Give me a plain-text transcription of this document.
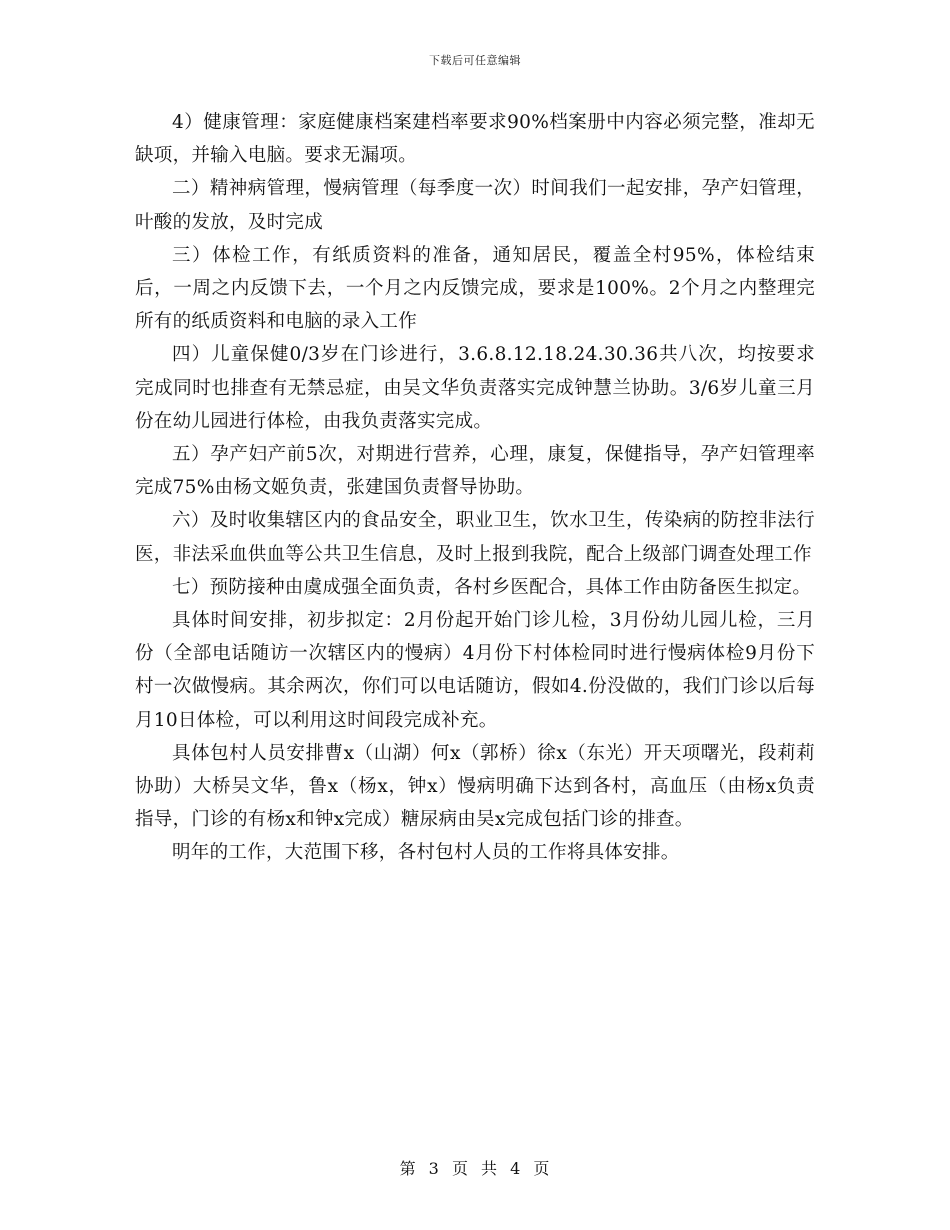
下载后可任意编辑

4）健康管理：家庭健康档案建档率要求90%档案册中内容必须完整，准却无缺项，并输入电脑。要求无漏项。

二）精神病管理，慢病管理（每季度一次）时间我们一起安排，孕产妇管理，叶酸的发放，及时完成

三）体检工作，有纸质资料的准备，通知居民，覆盖全村95%，体检结束后，一周之内反馈下去，一个月之内反馈完成，要求是100%。2个月之内整理完所有的纸质资料和电脑的录入工作

四）儿童保健0/3岁在门诊进行，3.6.8.12.18.24.30.36共八次，均按要求完成同时也排查有无禁忌症，由吴文华负责落实完成钟慧兰协助。3/6岁儿童三月份在幼儿园进行体检，由我负责落实完成。

五）孕产妇产前5次，对期进行营养，心理，康复，保健指导，孕产妇管理率完成75%由杨文姬负责，张建国负责督导协助。

六）及时收集辖区内的食品安全，职业卫生，饮水卫生，传染病的防控非法行医，非法采血供血等公共卫生信息，及时上报到我院，配合上级部门调查处理工作

七）预防接种由虞成强全面负责，各村乡医配合，具体工作由防备医生拟定。

具体时间安排，初步拟定：2月份起开始门诊儿检，3月份幼儿园儿检，三月份（全部电话随访一次辖区内的慢病）4月份下村体检同时进行慢病体检9月份下村一次做慢病。其余两次，你们可以电话随访，假如4.份没做的，我们门诊以后每月10日体检，可以利用这时间段完成补充。

具体包村人员安排曹x（山湖）何x（郭桥）徐x（东光）开天项曙光，段莉莉协助）大桥吴文华，鲁x（杨x，钟x）慢病明确下达到各村，高血压（由杨x负责指导，门诊的有杨x和钟x完成）糖尿病由吴x完成包括门诊的排查。

明年的工作，大范围下移，各村包村人员的工作将具体安排。

第 3 页 共 4 页
